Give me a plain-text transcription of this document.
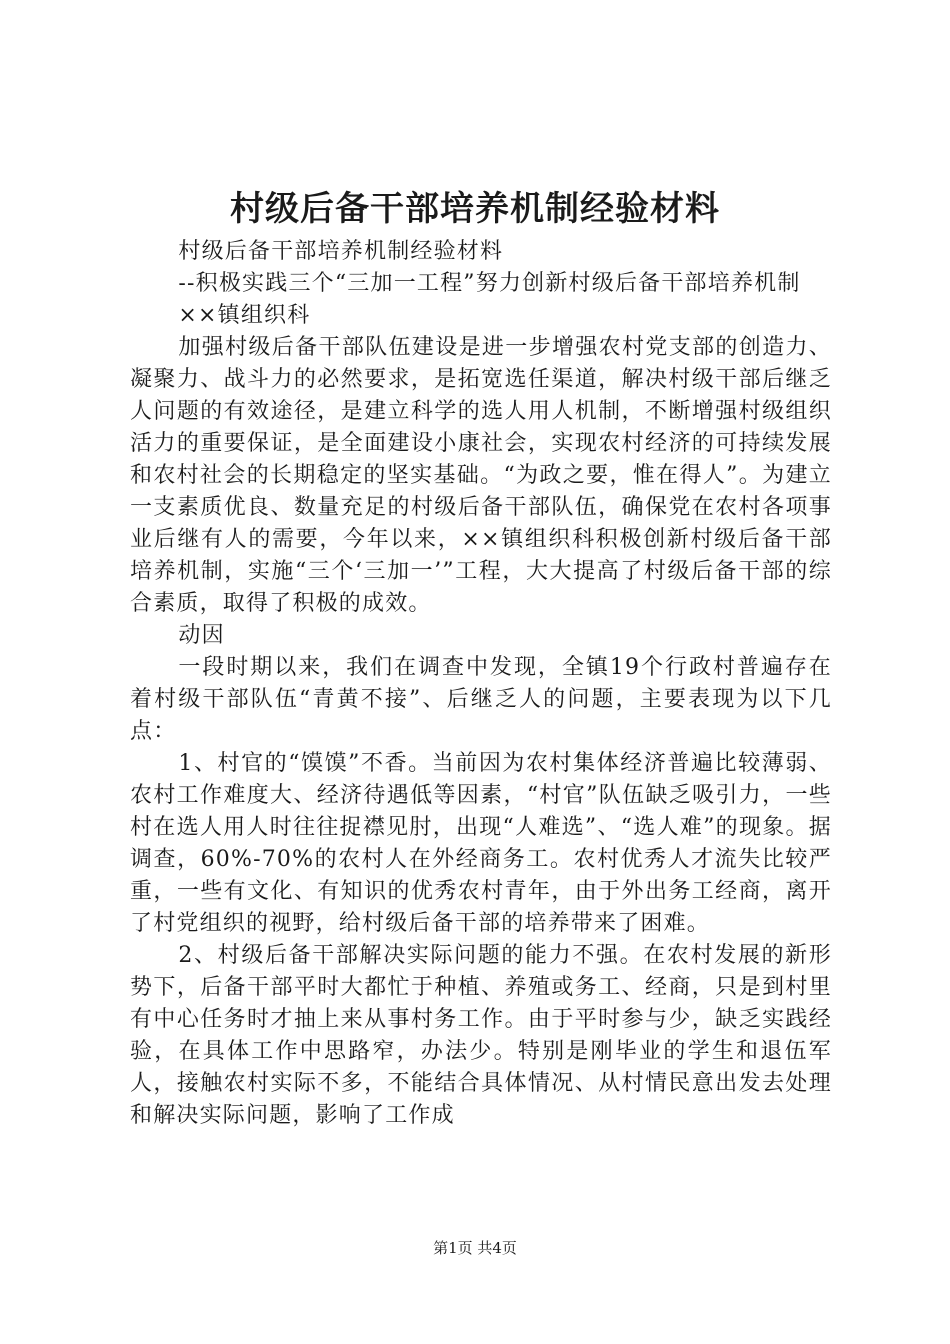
村级后备干部培养机制经验材料

村级后备干部培养机制经验材料

--积极实践三个“三加一工程”努力创新村级后备干部培养机制

××镇组织科

加强村级后备干部队伍建设是进一步增强农村党支部的创造力、凝聚力、战斗力的必然要求，是拓宽选任渠道，解决村级干部后继乏人问题的有效途径，是建立科学的选人用人机制，不断增强村级组织活力的重要保证，是全面建设小康社会，实现农村经济的可持续发展和农村社会的长期稳定的坚实基础。“为政之要，惟在得人”。为建立一支素质优良、数量充足的村级后备干部队伍，确保党在农村各项事业后继有人的需要，今年以来，××镇组织科积极创新村级后备干部培养机制，实施“三个‘三加一’”工程，大大提高了村级后备干部的综合素质，取得了积极的成效。

动因

一段时期以来，我们在调查中发现，全镇19个行政村普遍存在着村级干部队伍“青黄不接”、后继乏人的问题，主要表现为以下几点：

1、村官的“馍馍”不香。当前因为农村集体经济普遍比较薄弱、农村工作难度大、经济待遇低等因素，“村官”队伍缺乏吸引力，一些村在选人用人时往往捉襟见肘，出现“人难选”、“选人难”的现象。据调查，60%-70%的农村人在外经商务工。农村优秀人才流失比较严重，一些有文化、有知识的优秀农村青年，由于外出务工经商，离开了村党组织的视野，给村级后备干部的培养带来了困难。

2、村级后备干部解决实际问题的能力不强。在农村发展的新形势下，后备干部平时大都忙于种植、养殖或务工、经商，只是到村里有中心任务时才抽上来从事村务工作。由于平时参与少，缺乏实践经验，在具体工作中思路窄，办法少。特别是刚毕业的学生和退伍军人，接触农村实际不多，不能结合具体情况、从村情民意出发去处理和解决实际问题，影响了工作成

第1页 共4页
